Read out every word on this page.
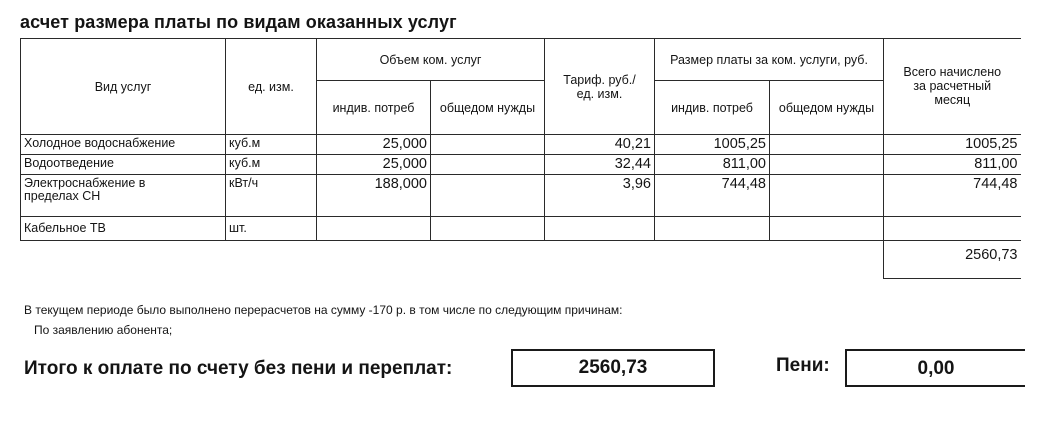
асчет размера платы по видам оказанных услуг
Вид услуг	ед. изм.	Объем ком. услуг		Тариф. руб./ ед. изм.	Размер платы за ком. услуги, руб.		Всего начислено за расчетный месяц
		индив. потреб	общедом нужды		индив. потреб	общедом нужды	
Холодное водоснабжение	куб.м	25,000		40,21	1005,25		1005,25
Водоотведение	куб.м	25,000		32,44	811,00		811,00
Электроснабжение в пределах СН	кВт/ч	188,000		3,96	744,48		744,48
Кабельное ТВ	шт.						
							2560,73
В текущем периоде было выполнено перерасчетов на сумму -170 р. в том числе по следующим причинам:
По заявлению абонента;
Итого к оплате по счету без пени и переплат:	2560,73	Пени:	0,00
